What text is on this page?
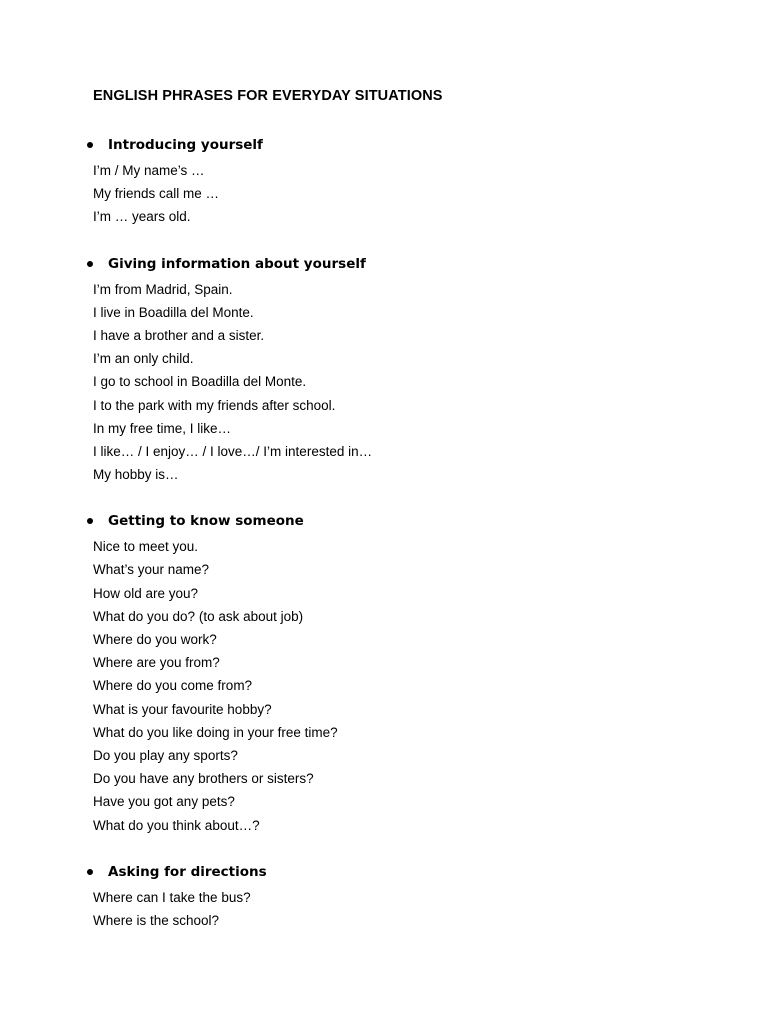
ENGLISH PHRASES FOR EVERYDAY SITUATIONS
Introducing yourself
I’m / My name’s …
My friends call me …
I’m … years old.
Giving information about yourself
I’m from Madrid, Spain.
I live in Boadilla del Monte.
I have a brother and a sister.
I’m an only child.
I go to school in Boadilla del Monte.
I to the park with my friends after school.
In my free time, I like…
I like… / I enjoy… / I love…/ I’m interested in…
My hobby is…
Getting to know someone
Nice to meet you.
What’s your name?
How old are you?
What do you do? (to ask about job)
Where do you work?
Where are you from?
Where do you come from?
What is your favourite hobby?
What do you like doing in your free time?
Do you play any sports?
Do you have any brothers or sisters?
Have you got any pets?
What do you think about…?
Asking for directions
Where can I take the bus?
Where is the school?
